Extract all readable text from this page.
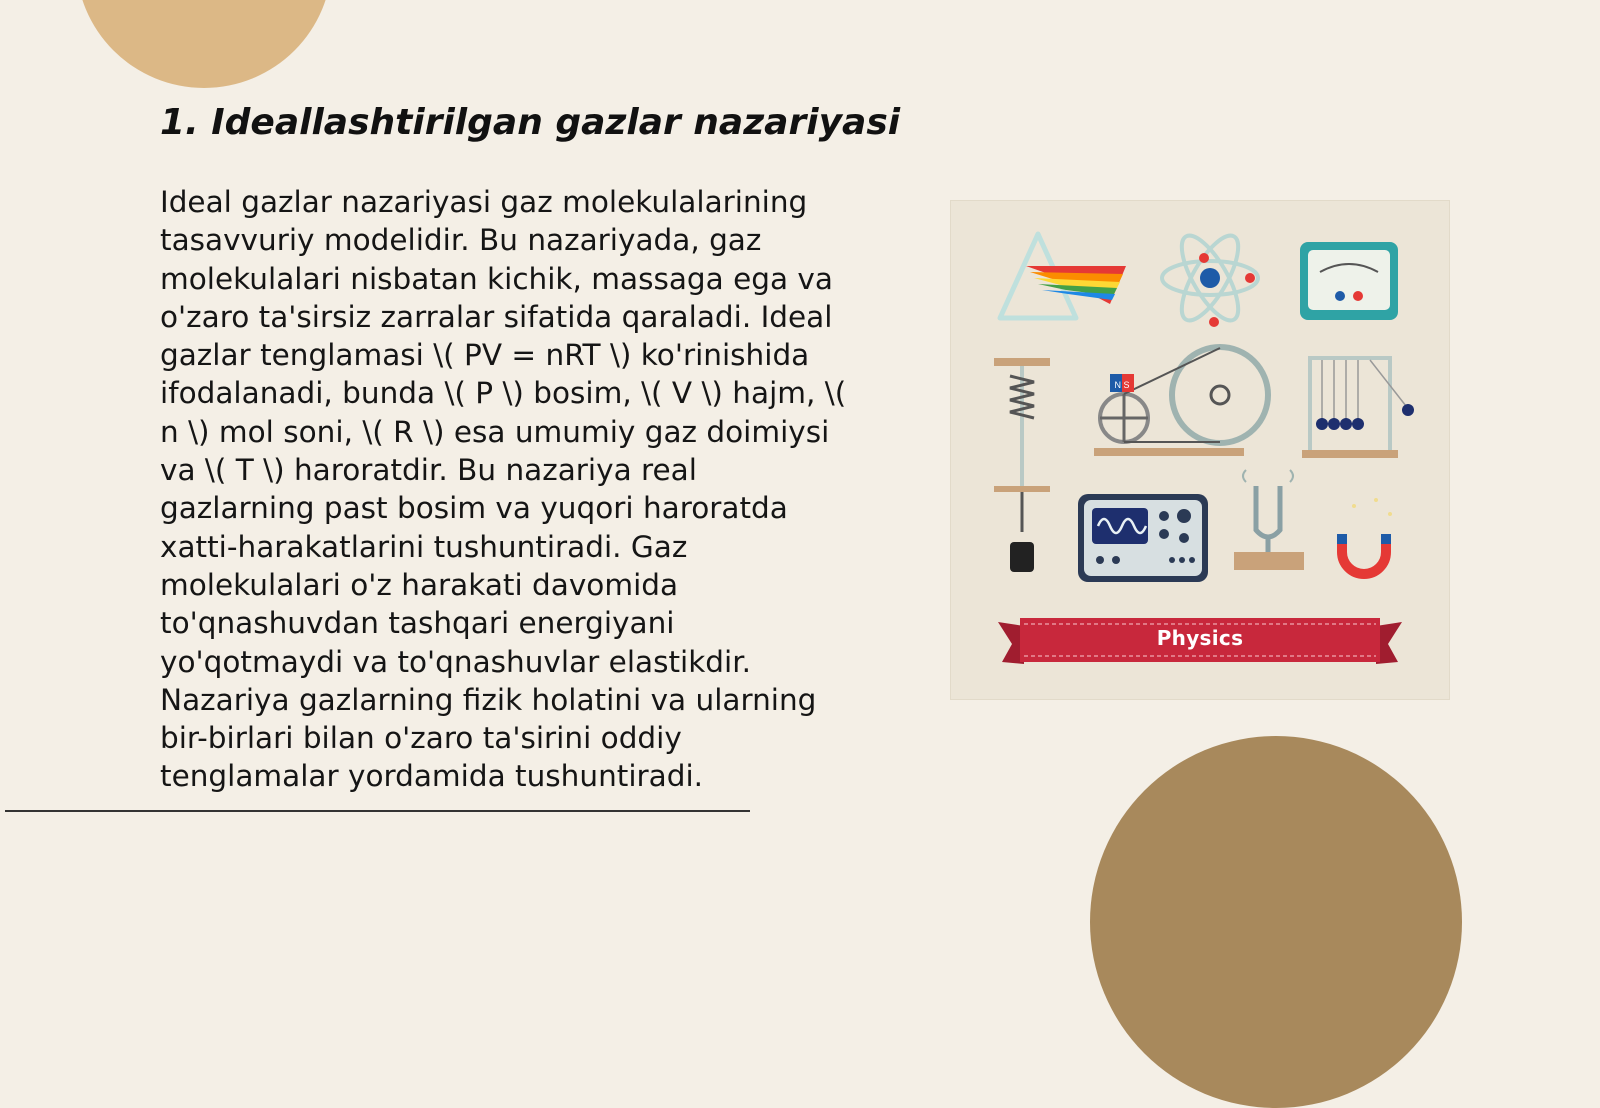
1. Ideallashtirilgan gazlar nazariyasi

Ideal gazlar nazariyasi gaz molekulalarining tasavvuriy modelidir. Bu nazariyada, gaz molekulalari nisbatan kichik, massaga ega va o'zaro ta'sirsiz zarralar sifatida qaraladi. Ideal gazlar tenglamasi \( PV = nRT \) ko'rinishida ifodalanadi, bunda \( P \) bosim, \( V \) hajm, \( n \) mol soni, \( R \) esa umumiy gaz doimiysi va \( T \) haroratdir. Bu nazariya real gazlarning past bosim va yuqori haroratda xatti-harakatlarini tushuntiradi. Gaz molekulalari o'z harakati davomida to'qnashuvdan tashqari energiyani yo'qotmaydi va to'qnashuvlar elastikdir. Nazariya gazlarning fizik holatini va ularning bir-birlari bilan o'zaro ta'sirini oddiy tenglamalar yordamida tushuntiradi.

N S
Physics
